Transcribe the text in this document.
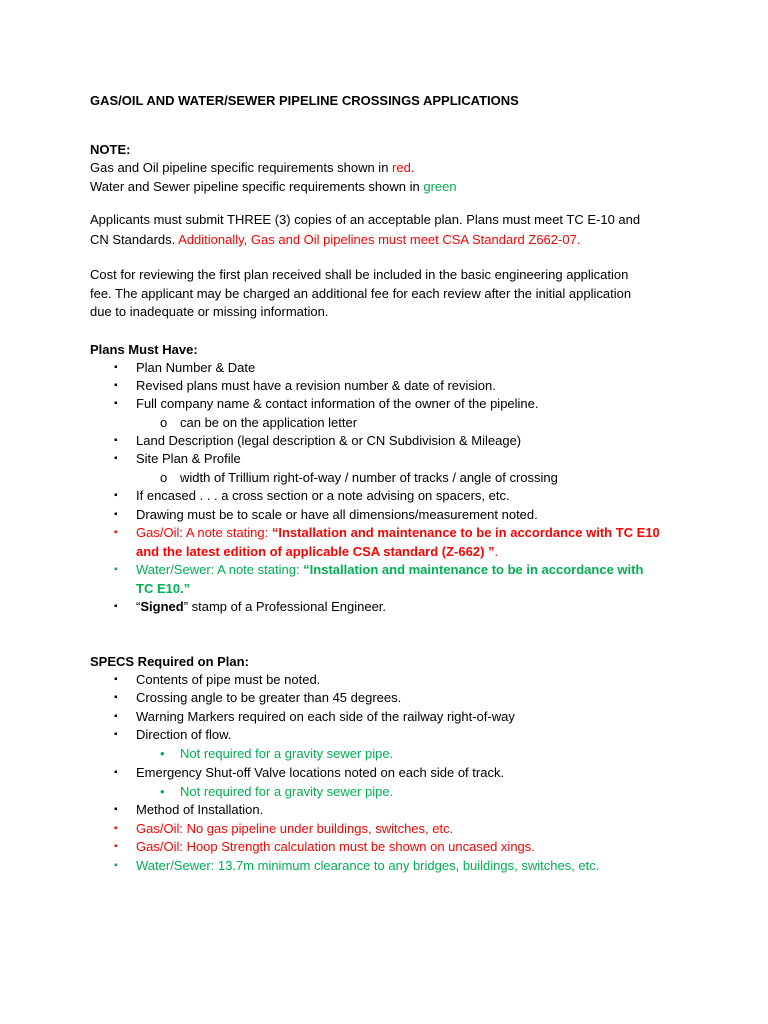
GAS/OIL AND WATER/SEWER PIPELINE CROSSINGS APPLICATIONS
NOTE:
Gas and Oil pipeline specific requirements shown in red.
Water and Sewer pipeline specific requirements shown in green
Applicants must submit THREE (3) copies of an acceptable plan. Plans must meet TC E-10 and
CN Standards. Additionally, Gas and Oil pipelines must meet CSA Standard Z662-07.
Cost for reviewing the first plan received shall be included in the basic engineering application
fee. The applicant may be charged an additional fee for each review after the initial application
due to inadequate or missing information.
Plans Must Have:
▪ Plan Number & Date
▪ Revised plans must have a revision number & date of revision.
▪ Full company name & contact information of the owner of the pipeline.
o can be on the application letter
▪ Land Description (legal description & or CN Subdivision & Mileage)
▪ Site Plan & Profile
o width of Trillium right-of-way / number of tracks / angle of crossing
▪ If encased . . . a cross section or a note advising on spacers, etc.
▪ Drawing must be to scale or have all dimensions/measurement noted.
▪ Gas/Oil: A note stating: “Installation and maintenance to be in accordance with TC E10
and the latest edition of applicable CSA standard (Z-662) ”.
▪ Water/Sewer: A note stating: “Installation and maintenance to be in accordance with
TC E10.”
▪ “Signed” stamp of a Professional Engineer.
SPECS Required on Plan:
▪ Contents of pipe must be noted.
▪ Crossing angle to be greater than 45 degrees.
▪ Warning Markers required on each side of the railway right-of-way
▪ Direction of flow.
• Not required for a gravity sewer pipe.
▪ Emergency Shut-off Valve locations noted on each side of track.
• Not required for a gravity sewer pipe.
▪ Method of Installation.
▪ Gas/Oil: No gas pipeline under buildings, switches, etc.
▪ Gas/Oil: Hoop Strength calculation must be shown on uncased xings.
▪ Water/Sewer: 13.7m minimum clearance to any bridges, buildings, switches, etc.
